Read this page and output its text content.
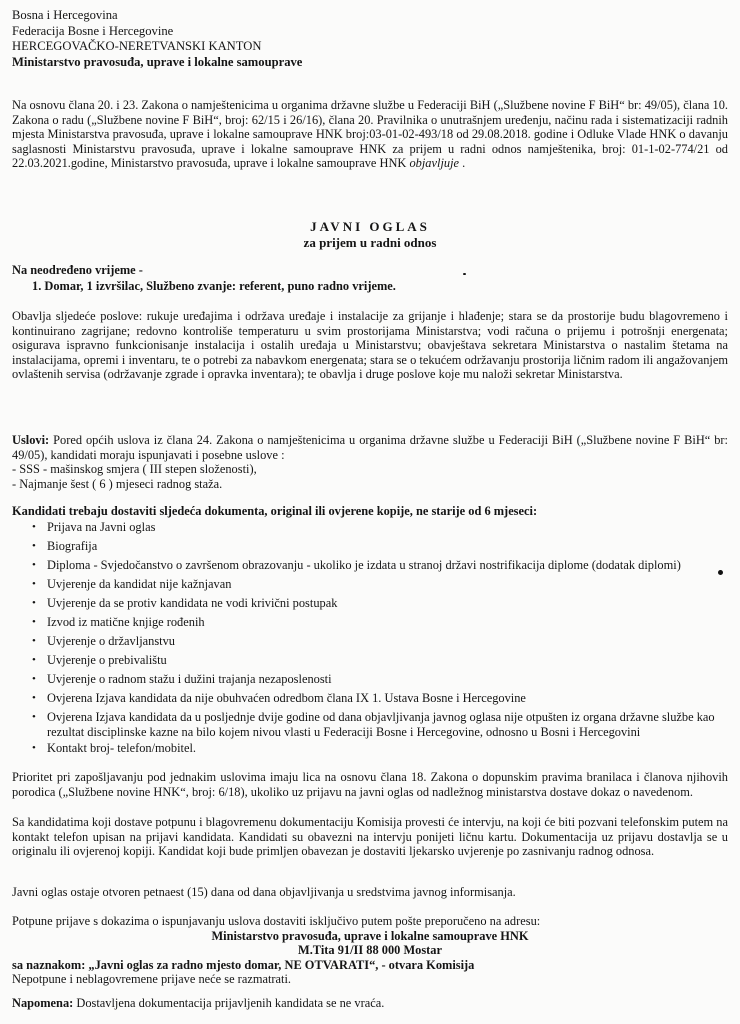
Bosna i Hercegovina
Federacija Bosne i Hercegovine
HERCEGOVAČKO-NERETVANSKI KANTON
Ministarstvo pravosuđa, uprave i lokalne samouprave
Na osnovu člana 20. i 23. Zakona o namještenicima u organima državne službe u Federaciji BiH („Službene novine F BiH“ br: 49/05), člana 10. Zakona o radu („Službene novine F BiH“, broj: 62/15 i 26/16), člana 20. Pravilnika o unutrašnjem uređenju, načinu rada i sistematizaciji radnih mjesta Ministarstva pravosuđa, uprave i lokalne samouprave HNK broj:03-01-02-493/18 od 29.08.2018. godine i Odluke Vlade HNK o davanju saglasnosti Ministarstvu pravosuđa, uprave i lokalne samouprave HNK za prijem u radni odnos namještenika, broj: 01-1-02-774/21 od 22.03.2021.godine, Ministarstvo pravosuđa, uprave i lokalne samouprave HNK objavljuje .
JAVNI OGLAS
za prijem u radni odnos
Na neodređeno vrijeme -
1. Domar, 1 izvršilac, Službeno zvanje: referent, puno radno vrijeme.
Obavlja sljedeće poslove: rukuje uređajima i održava uređaje i instalacije za grijanje i hlađenje; stara se da prostorije budu blagovremeno i kontinuirano zagrijane; redovno kontroliše temperaturu u svim prostorijama Ministarstva; vodi računa o prijemu i potrošnji energenata; osigurava ispravno funkcionisanje instalacija i ostalih uređaja u Ministarstvu; obavještava sekretara Ministarstva o nastalim štetama na instalacijama, opremi i inventaru, te o potrebi za nabavkom energenata; stara se o tekućem održavanju prostorija ličnim radom ili angažovanjem ovlaštenih servisa (održavanje zgrade i opravka inventara); te obavlja i druge poslove koje mu naloži sekretar Ministarstva.
Uslovi: Pored općih uslova iz člana 24. Zakona o namještenicima u organima državne službe u Federaciji BiH („Službene novine F BiH“ br: 49/05), kandidati moraju ispunjavati i posebne uslove :
- SSS - mašinskog smjera ( III stepen složenosti),
- Najmanje šest ( 6 ) mjeseci radnog staža.
Kandidati trebaju dostaviti sljedeća dokumenta, original ili ovjerene kopije, ne starije od 6 mjeseci:
• Prijava na Javni oglas
• Biografija
• Diploma - Svjedočanstvo o završenom obrazovanju - ukoliko je izdata u stranoj državi nostrifikacija diplome (dodatak diplomi)
• Uvjerenje da kandidat nije kažnjavan
• Uvjerenje da se protiv kandidata ne vodi krivični postupak
• Izvod iz matične knjige rođenih
• Uvjerenje o državljanstvu
• Uvjerenje o prebivalištu
• Uvjerenje o radnom stažu i dužini trajanja nezaposlenosti
• Ovjerena Izjava kandidata da nije obuhvaćen odredbom člana IX 1. Ustava Bosne i Hercegovine
• Ovjerena Izjava kandidata da u posljednje dvije godine od dana objavljivanja javnog oglasa nije otpušten iz organa državne službe kao rezultat disciplinske kazne na bilo kojem nivou vlasti u Federaciji Bosne i Hercegovine, odnosno u Bosni i Hercegovini
• Kontakt broj- telefon/mobitel.
Prioritet pri zapošljavanju pod jednakim uslovima imaju lica na osnovu člana 18. Zakona o dopunskim pravima branilaca i članova njihovih porodica („Službene novine HNK“, broj: 6/18), ukoliko uz prijavu na javni oglas od nadležnog ministarstva dostave dokaz o navedenom.
Sa kandidatima koji dostave potpunu i blagovremenu dokumentaciju Komisija provesti će intervju, na koji će biti pozvani telefonskim putem na kontakt telefon upisan na prijavi kandidata. Kandidati su obavezni na intervju ponijeti ličnu kartu. Dokumentacija uz prijavu dostavlja se u originalu ili ovjerenoj kopiji. Kandidat koji bude primljen obavezan je dostaviti ljekarsko uvjerenje po zasnivanju radnog odnosa.
Javni oglas ostaje otvoren petnaest (15) dana od dana objavljivanja u sredstvima javnog informisanja.
Potpune prijave s dokazima o ispunjavanju uslova dostaviti isključivo putem pošte preporučeno na adresu:
Ministarstvo pravosuđa, uprave i lokalne samouprave HNK
M.Tita 91/II 88 000 Mostar
sa naznakom: „Javni oglas za radno mjesto domar, NE OTVARATI“, - otvara Komisija
Nepotpune i neblagovremene prijave neće se razmatrati.
Napomena: Dostavljena dokumentacija prijavljenih kandidata se ne vraća.
